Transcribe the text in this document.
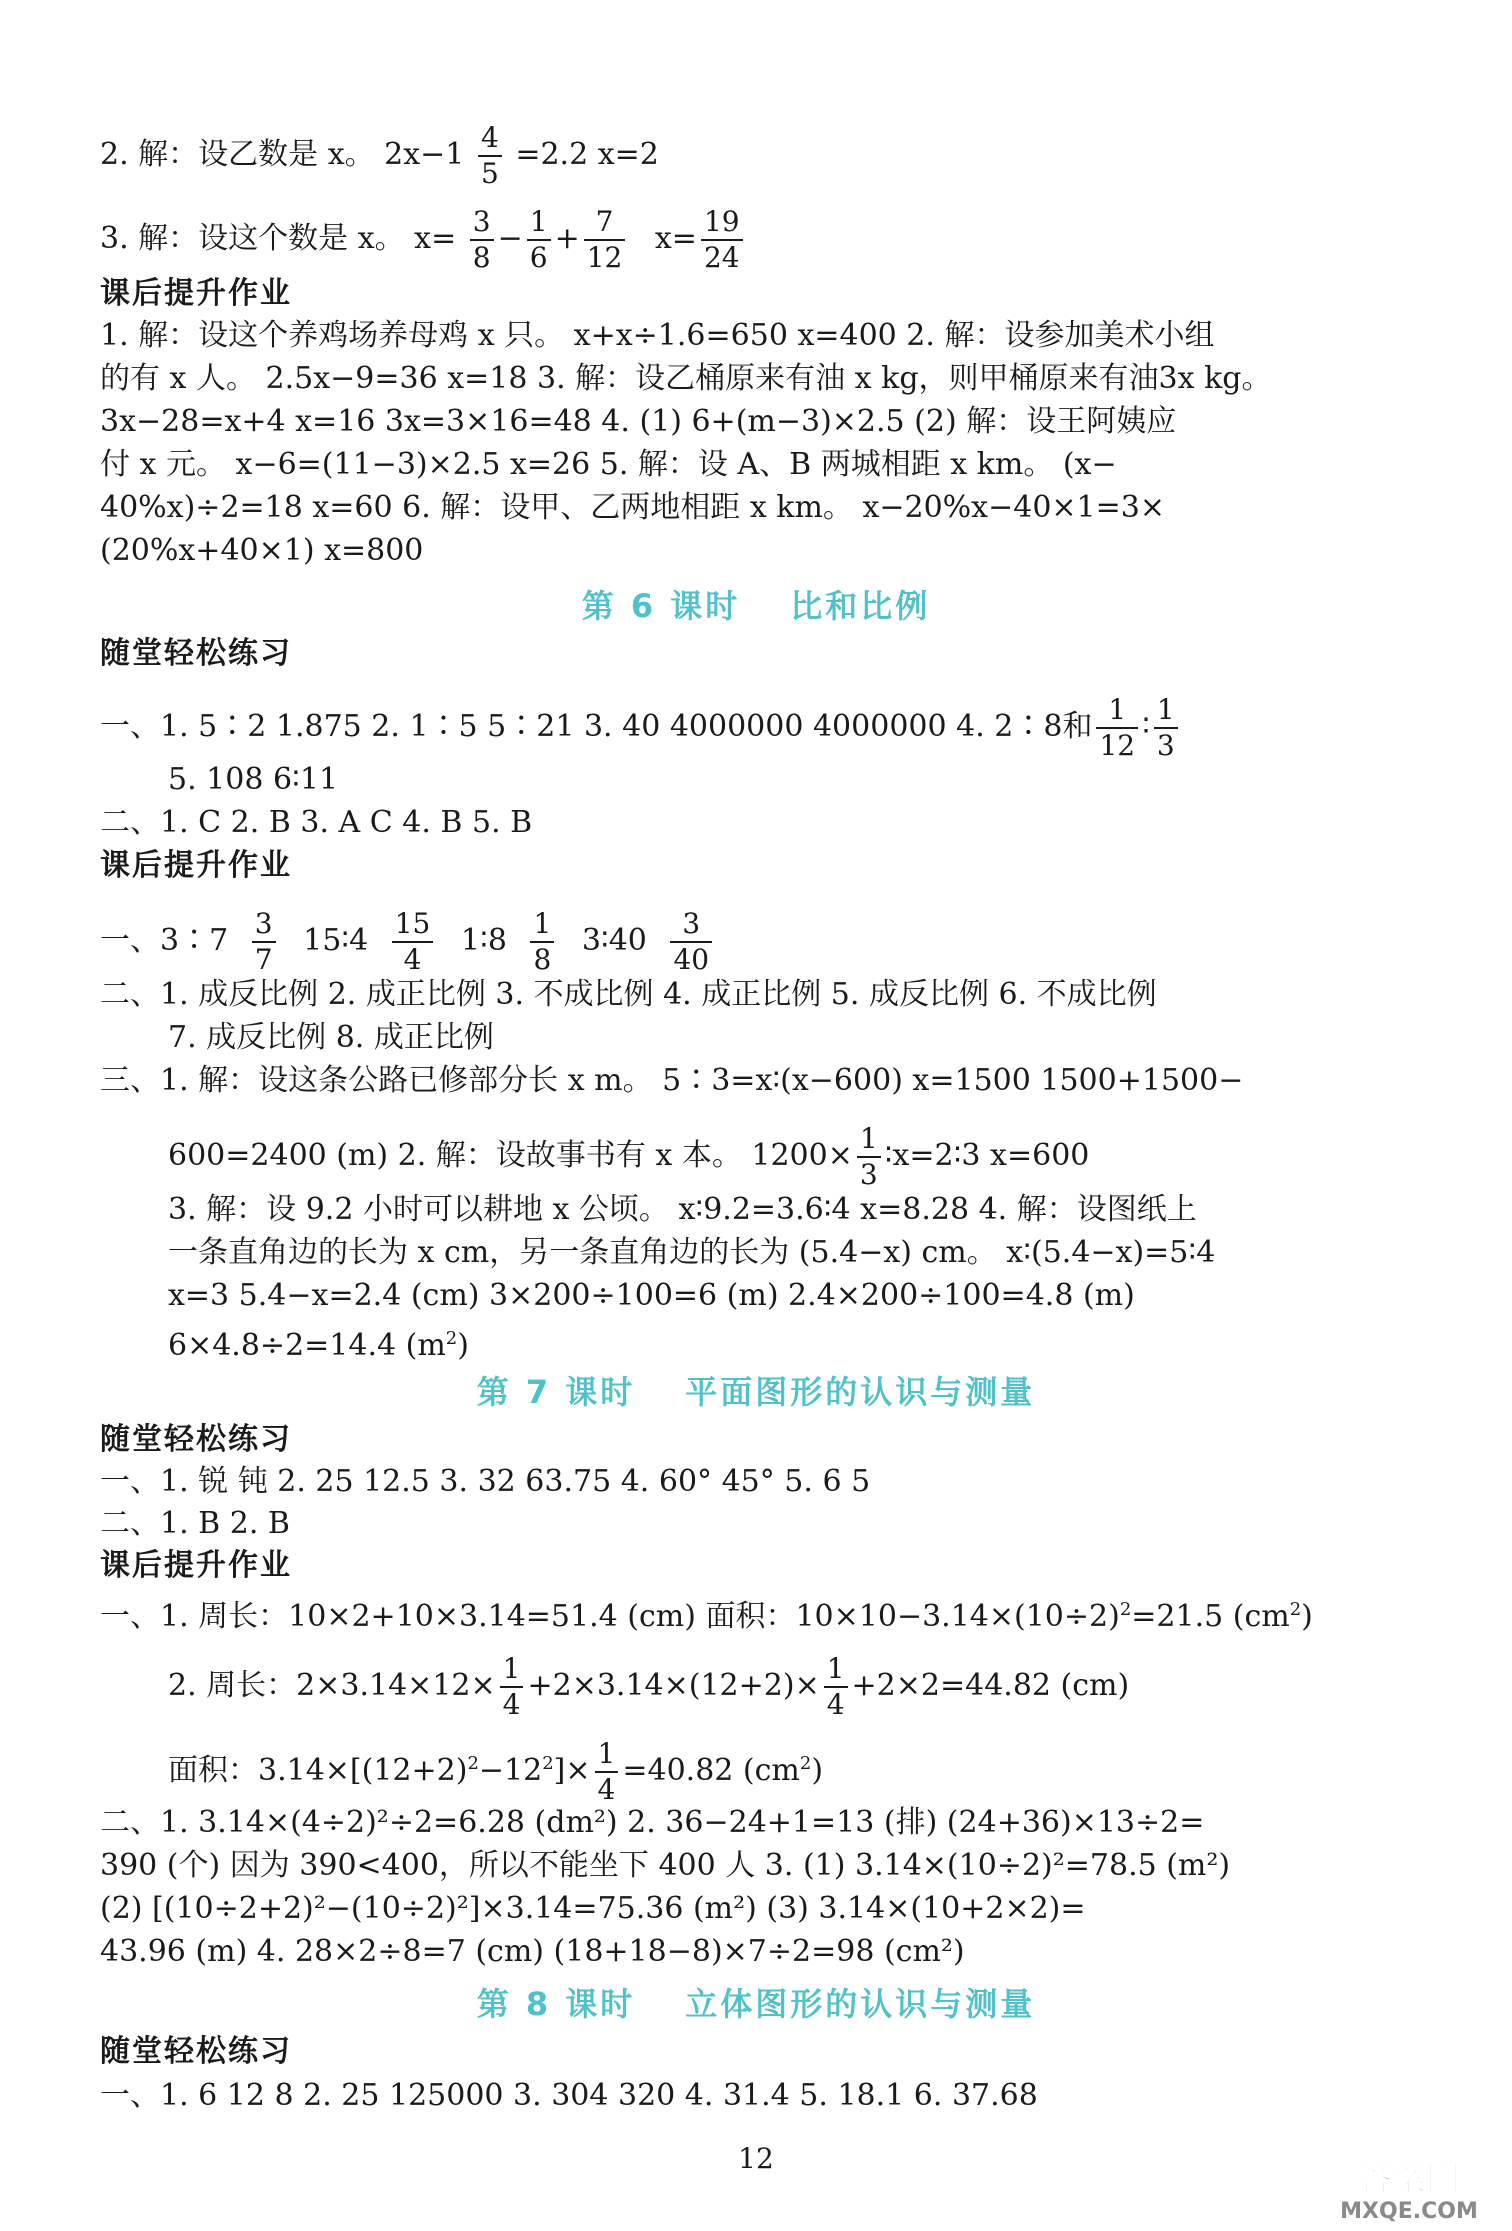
2. 解：设乙数是 x。 $2x-1 \frac{4}{5} =2.2$ x=2
3. 解：设这个数是 x。 $x= \frac{3}{8} - \frac{1}{6} + \frac{7}{12} x= \frac{19}{24}$
课后提升作业
1. 解：设这个养鸡场养母鸡 x 只。 x+x÷1.6=650 x=400 2. 解：设参加美术小组
的有 x 人。 2.5x−9=36 x=18 3. 解：设乙桶原来有油 x kg，则甲桶原来有油3x kg。
3x−28=x+4 x=16 3x=3×16=48 4. (1) 6+(m−3)×2.5 (2) 解：设王阿姨应
付 x 元。 x−6=(11−3)×2.5 x=26 5. 解：设 A、B 两城相距 x km。 (x−
40%x)÷2=18 x=60 6. 解：设甲、乙两地相距 x km。 x−20%x−40×1=3×
(20%x+40×1) x=800
第 6 课时 比和比例
随堂轻松练习
一、1. 5∶2 1.875 2. 1∶5 5∶21 3. 40 4000000 4000000 4. 2∶8和 $\frac{1}{12}$ ∶ $\frac{1}{3}$
5. 108 6∶11
二、1. C 2. B 3. A C 4. B 5. B
课后提升作业
一、3∶7 $\frac{3}{7}$ 15∶4 $\frac{15}{4}$ 1∶8 $\frac{1}{8}$ 3∶40 $\frac{3}{40}$
二、1. 成反比例 2. 成正比例 3. 不成比例 4. 成正比例 5. 成反比例 6. 不成比例
7. 成反比例 8. 成正比例
三、1. 解：设这条公路已修部分长 x m。 5∶3=x∶(x−600) x=1500 1500+1500−
600=2400 (m) 2. 解：设故事书有 x 本。 $1200\times \frac{1}{3}$ ∶x=2∶3 x=600
3. 解：设 9.2 小时可以耕地 x 公顷。 x∶9.2=3.6∶4 x=8.28 4. 解：设图纸上
一条直角边的长为 x cm，另一条直角边的长为 (5.4−x) cm。 x∶(5.4−x)=5∶4
x=3 5.4−x=2.4 (cm) 3×200÷100=6 (m) 2.4×200÷100=4.8 (m)
6×4.8÷2=14.4 $(m^2)$
第 7 课时 平面图形的认识与测量
随堂轻松练习
一、1. 锐 钝 2. 25 12.5 3. 32 63.75 4. 60° 45° 5. 6 5
二、1. B 2. B
课后提升作业
一、1. 周长：10×2+10×3.14=51.4 (cm) 面积：$10\times 10-3.14\times(10\div 2)^2=21.5$ $(cm^2)$
2. 周长：$2\times 3.14\times 12\times \frac{1}{4} +2\times 3.14\times(12+2)\times \frac{1}{4} +2\times 2=44.82$ (cm)
面积：$3.14\times[(12+2)^2-12^2]\times \frac{1}{4} =40.82$ $(cm^2)$
二、1. 3.14×(4÷2)²÷2=6.28 (dm²) 2. 36−24+1=13 (排) (24+36)×13÷2=
390 (个) 因为 390<400，所以不能坐下 400 人 3. (1) 3.14×(10÷2)²=78.5 (m²)
(2) [(10÷2+2)²−(10÷2)²]×3.14=75.36 (m²) (3) 3.14×(10+2×2)=
43.96 (m) 4. 28×2÷8=7 (cm) (18+18−8)×7÷2=98 (cm²)
第 8 课时 立体图形的认识与测量
随堂轻松练习
一、1. 6 12 8 2. 25 125000 3. 304 320 4. 31.4 5. 18.1 6. 37.68
12
答案圈
MXQE.COM
